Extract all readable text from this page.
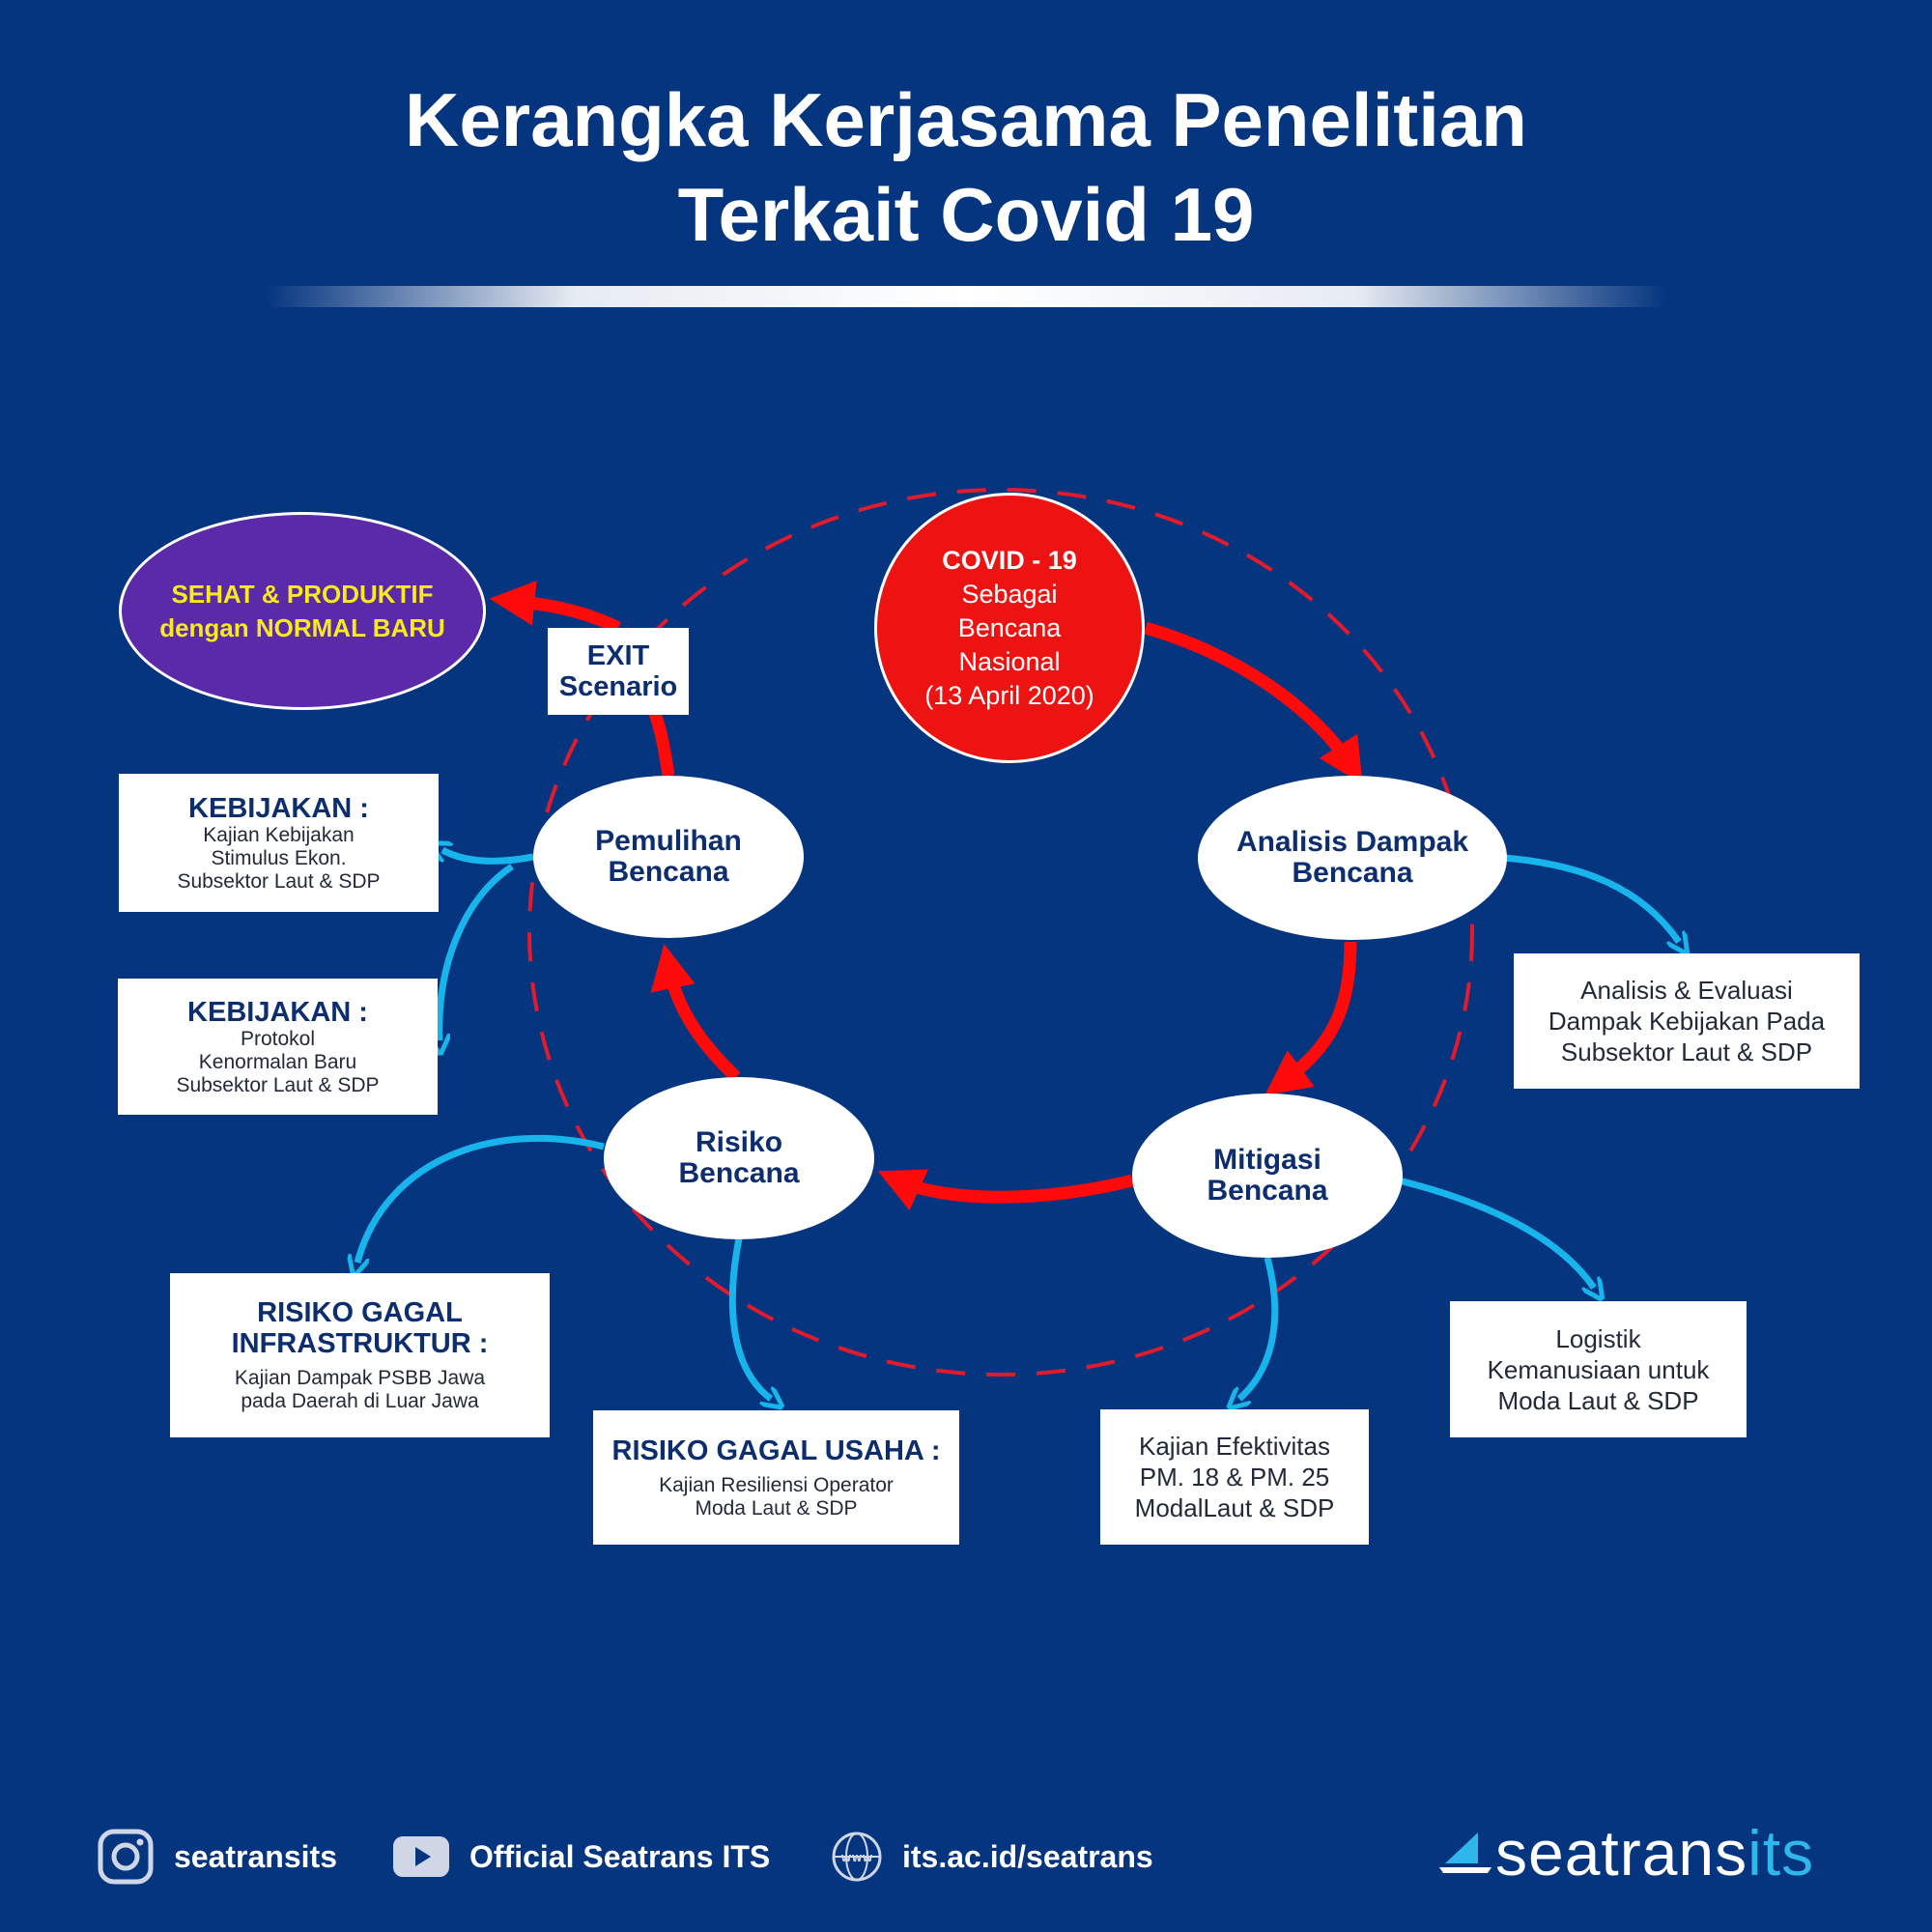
Kerangka Kerjasama Penelitian
Terkait Covid 19
SEHAT & PRODUKTIF
dengan NORMAL BARU
EXIT
Scenario
COVID - 19
Sebagai
Bencana
Nasional
(13 April 2020)
Analisis Dampak
Bencana
Mitigasi
Bencana
Risiko
Bencana
Pemulihan
Bencana
KEBIJAKAN :
Kajian Kebijakan
Stimulus Ekon.
Subsektor Laut & SDP
KEBIJAKAN :
Protokol
Kenormalan Baru
Subsektor Laut & SDP
Analisis & Evaluasi
Dampak Kebijakan Pada
Subsektor Laut & SDP
RISIKO GAGAL
INFRASTRUKTUR :
Kajian Dampak PSBB Jawa
pada Daerah di Luar Jawa
RISIKO GAGAL USAHA :
Kajian Resiliensi Operator
Moda Laut & SDP
Kajian Efektivitas
PM. 18 & PM. 25
ModalLaut & SDP
Logistik
Kemanusiaan untuk
Moda Laut & SDP
seatransits	Official Seatrans ITS	www its.ac.id/seatrans	seatrans its
